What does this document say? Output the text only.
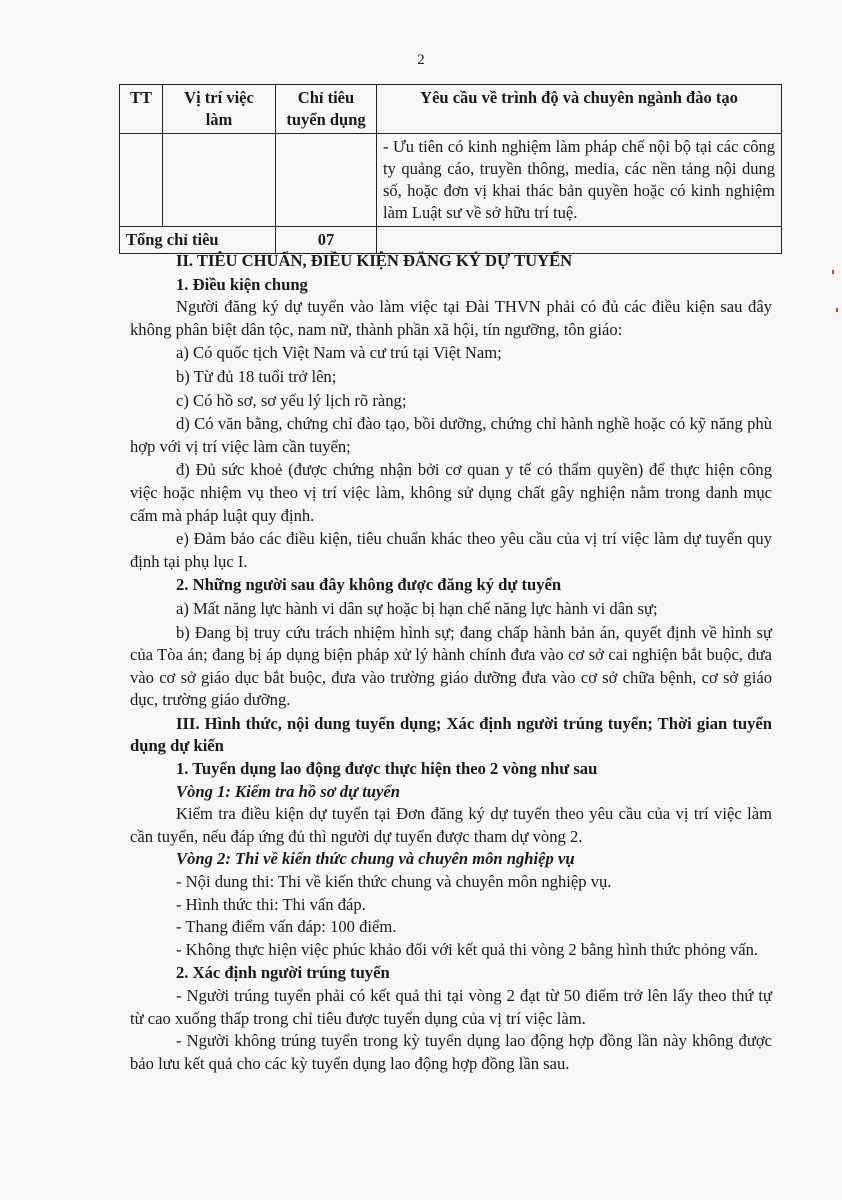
2
TT	Vị trí việc làm	Chỉ tiêu tuyển dụng	Yêu cầu về trình độ và chuyên ngành đào tạo
			- Ưu tiên có kinh nghiệm làm pháp chế nội bộ tại các công ty quảng cáo, truyền thông, media, các nền tảng nội dung số, hoặc đơn vị khai thác bản quyền hoặc có kinh nghiệm làm Luật sư về sở hữu trí tuệ.
Tổng chỉ tiêu		07	

II. TIÊU CHUẨN, ĐIỀU KIỆN ĐĂNG KÝ DỰ TUYỂN

1. Điều kiện chung

Người đăng ký dự tuyển vào làm việc tại Đài THVN phải có đủ các điều kiện sau đây không phân biệt dân tộc, nam nữ, thành phần xã hội, tín ngưỡng, tôn giáo:

a) Có quốc tịch Việt Nam và cư trú tại Việt Nam;

b) Từ đủ 18 tuổi trở lên;

c) Có hồ sơ, sơ yếu lý lịch rõ ràng;

d) Có văn bằng, chứng chỉ đào tạo, bồi dưỡng, chứng chỉ hành nghề hoặc có kỹ năng phù hợp với vị trí việc làm cần tuyển;

đ) Đủ sức khoẻ (được chứng nhận bởi cơ quan y tế có thẩm quyền) để thực hiện công việc hoặc nhiệm vụ theo vị trí việc làm, không sử dụng chất gây nghiện nằm trong danh mục cấm mà pháp luật quy định.

e) Đảm bảo các điều kiện, tiêu chuẩn khác theo yêu cầu của vị trí việc làm dự tuyển quy định tại phụ lục I.

2. Những người sau đây không được đăng ký dự tuyển

a) Mất năng lực hành vi dân sự hoặc bị hạn chế năng lực hành vi dân sự;

b) Đang bị truy cứu trách nhiệm hình sự; đang chấp hành bản án, quyết định về hình sự của Tòa án; đang bị áp dụng biện pháp xử lý hành chính đưa vào cơ sở cai nghiện bắt buộc, đưa vào cơ sở giáo dục bắt buộc, đưa vào trường giáo dưỡng đưa vào cơ sở chữa bệnh, cơ sở giáo dục, trường giáo dưỡng.

III. Hình thức, nội dung tuyển dụng; Xác định người trúng tuyển; Thời gian tuyển dụng dự kiến

1. Tuyển dụng lao động được thực hiện theo 2 vòng như sau

Vòng 1: Kiểm tra hồ sơ dự tuyển

Kiểm tra điều kiện dự tuyển tại Đơn đăng ký dự tuyển theo yêu cầu của vị trí việc làm cần tuyển, nếu đáp ứng đủ thì người dự tuyển được tham dự vòng 2.

Vòng 2: Thi về kiến thức chung và chuyên môn nghiệp vụ

- Nội dung thi: Thi về kiến thức chung và chuyên môn nghiệp vụ.

- Hình thức thi: Thi vấn đáp.

- Thang điểm vấn đáp: 100 điểm.

- Không thực hiện việc phúc khảo đối với kết quả thi vòng 2 bằng hình thức phỏng vấn.

2. Xác định người trúng tuyển

- Người trúng tuyển phải có kết quả thi tại vòng 2 đạt từ 50 điểm trở lên lấy theo thứ tự từ cao xuống thấp trong chỉ tiêu được tuyển dụng của vị trí việc làm.

- Người không trúng tuyển trong kỳ tuyển dụng lao động hợp đồng lần này không được bảo lưu kết quả cho các kỳ tuyển dụng lao động hợp đồng lần sau.
